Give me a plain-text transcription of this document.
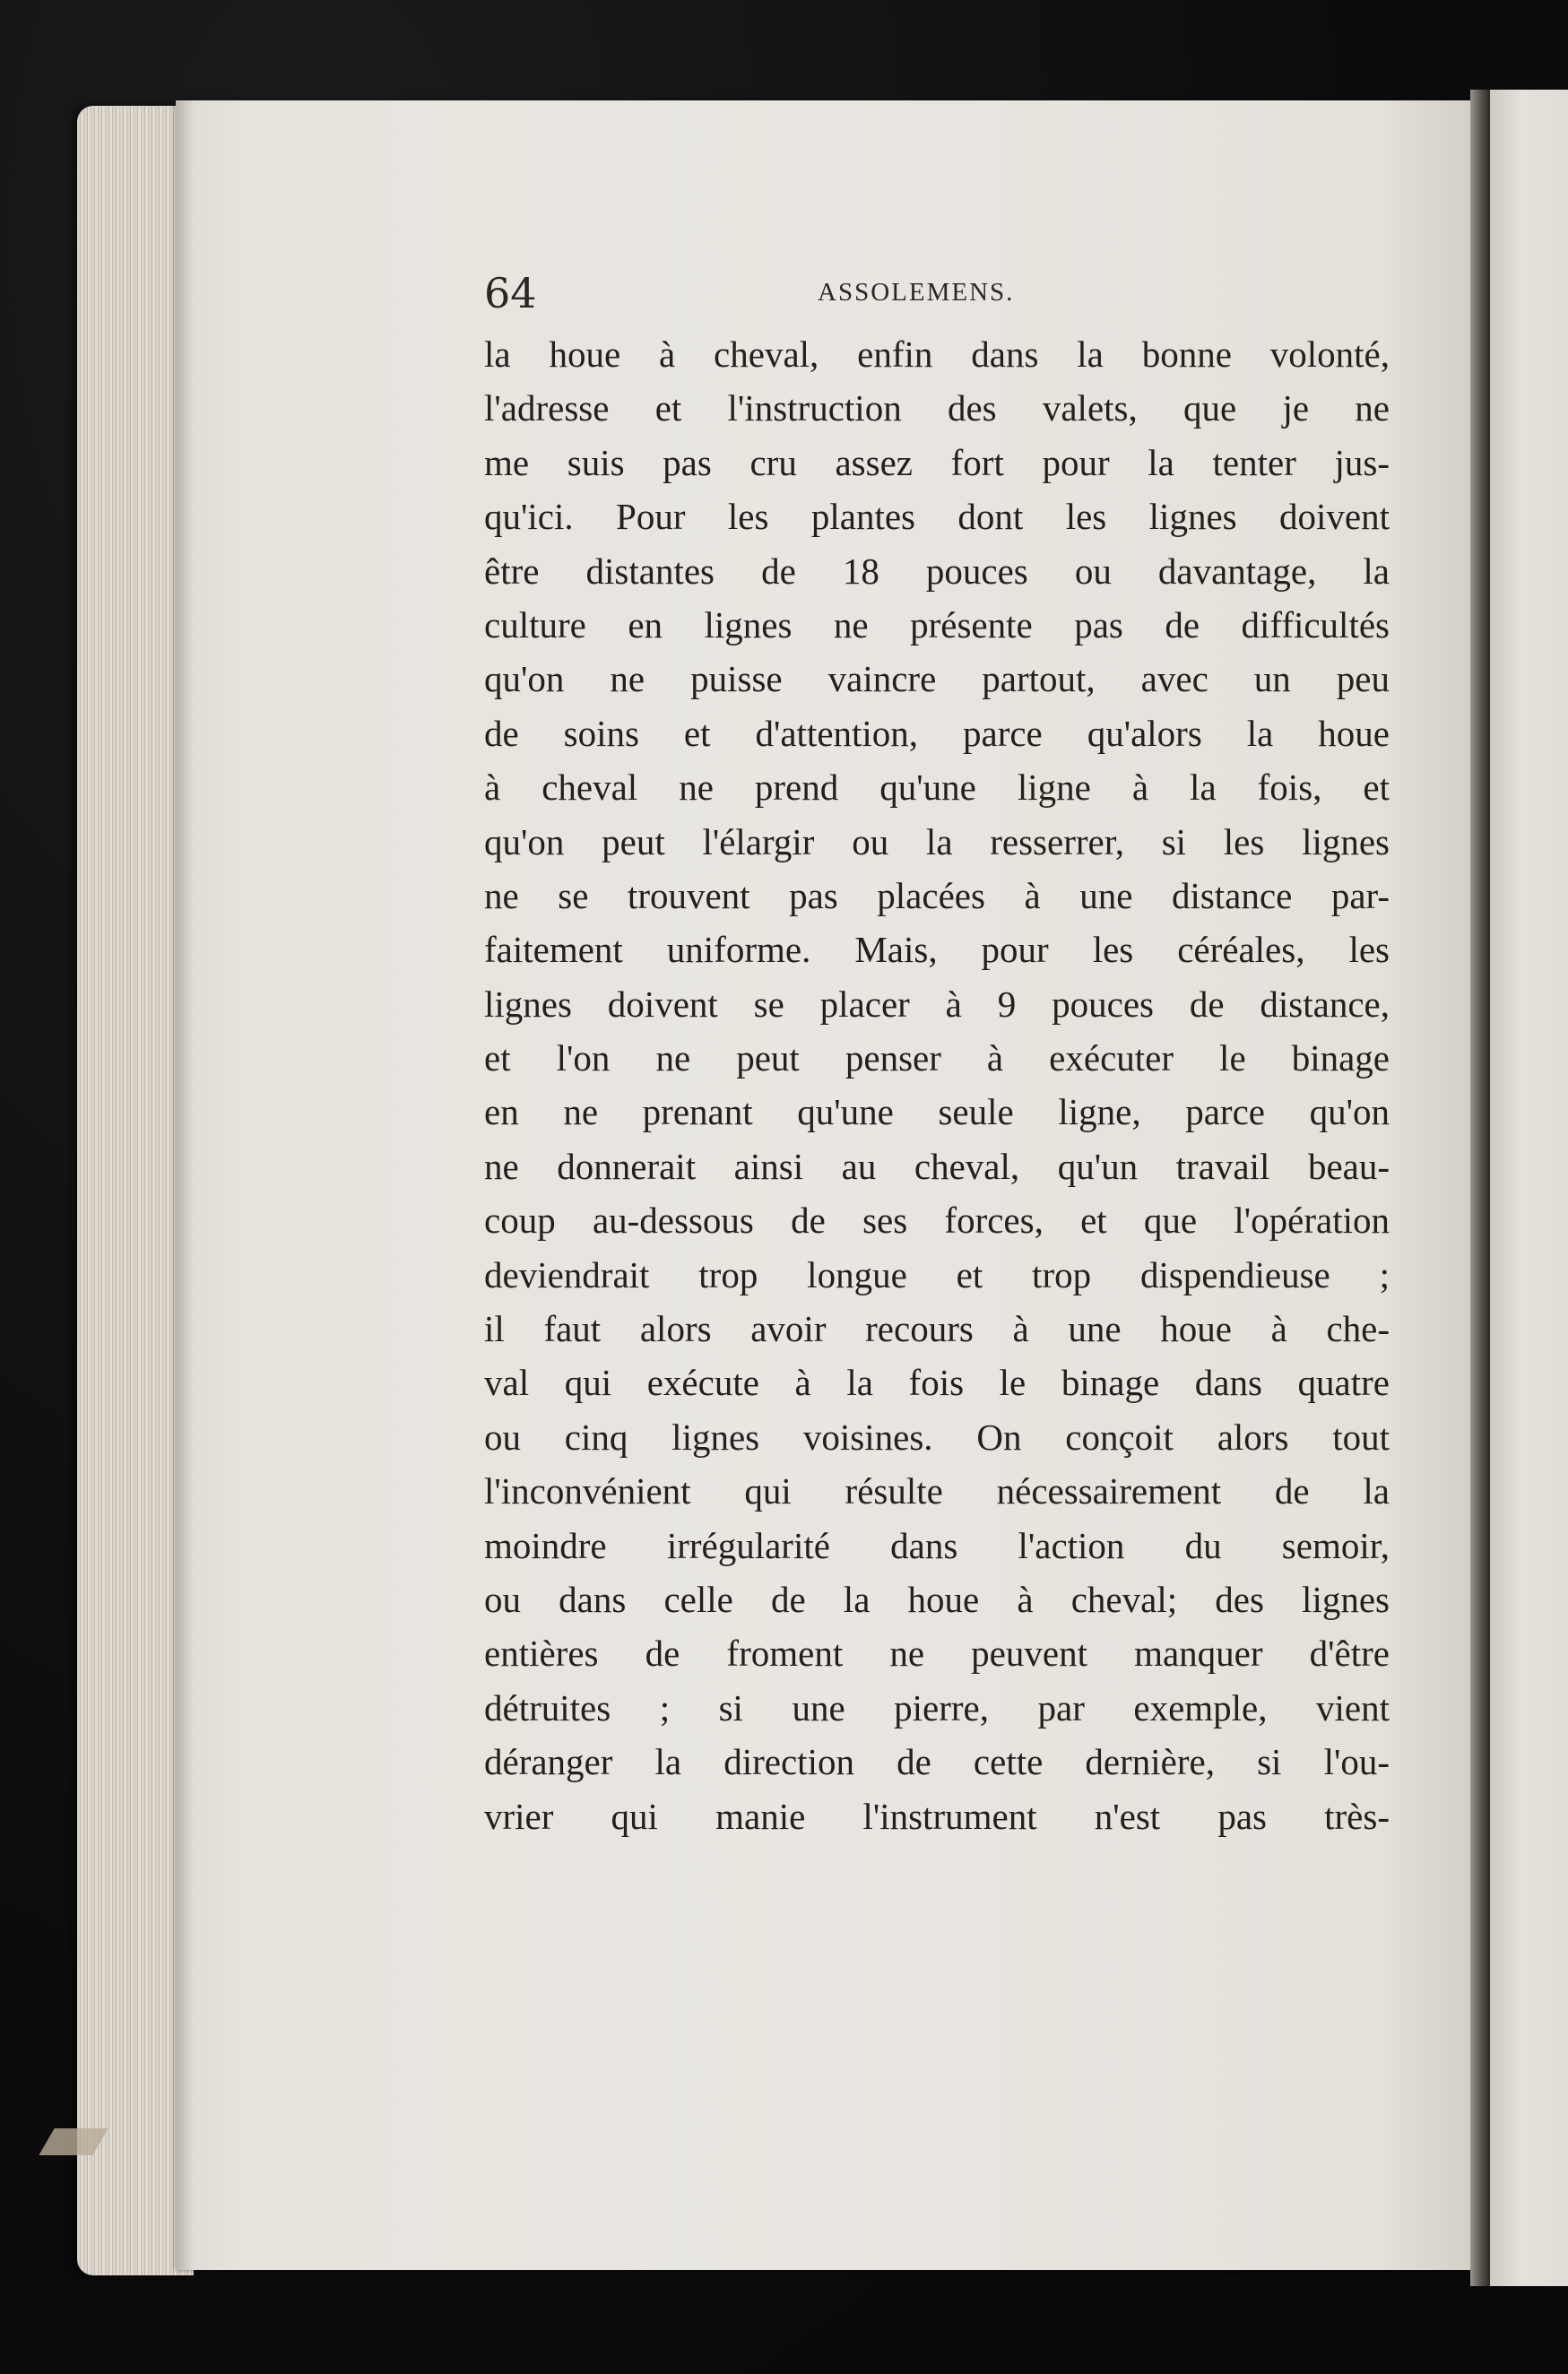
64	ASSOLEMENS.
la houe à cheval, enfin dans la bonne volonté,
l'adresse et l'instruction des valets, que je ne
me suis pas cru assez fort pour la tenter jus-
qu'ici. Pour les plantes dont les lignes doivent
être distantes de 18 pouces ou davantage, la
culture en lignes ne présente pas de difficultés
qu'on ne puisse vaincre partout, avec un peu
de soins et d'attention, parce qu'alors la houe
à cheval ne prend qu'une ligne à la fois, et
qu'on peut l'élargir ou la resserrer, si les lignes
ne se trouvent pas placées à une distance par-
faitement uniforme. Mais, pour les céréales, les
lignes doivent se placer à 9 pouces de distance,
et l'on ne peut penser à exécuter le binage
en ne prenant qu'une seule ligne, parce qu'on
ne donnerait ainsi au cheval, qu'un travail beau-
coup au-dessous de ses forces, et que l'opération
deviendrait trop longue et trop dispendieuse ;
il faut alors avoir recours à une houe à che-
val qui exécute à la fois le binage dans quatre
ou cinq lignes voisines. On conçoit alors tout
l'inconvénient qui résulte nécessairement de la
moindre irrégularité dans l'action du semoir,
ou dans celle de la houe à cheval; des lignes
entières de froment ne peuvent manquer d'être
détruites ; si une pierre, par exemple, vient
déranger la direction de cette dernière, si l'ou-
vrier qui manie l'instrument n'est pas très-
